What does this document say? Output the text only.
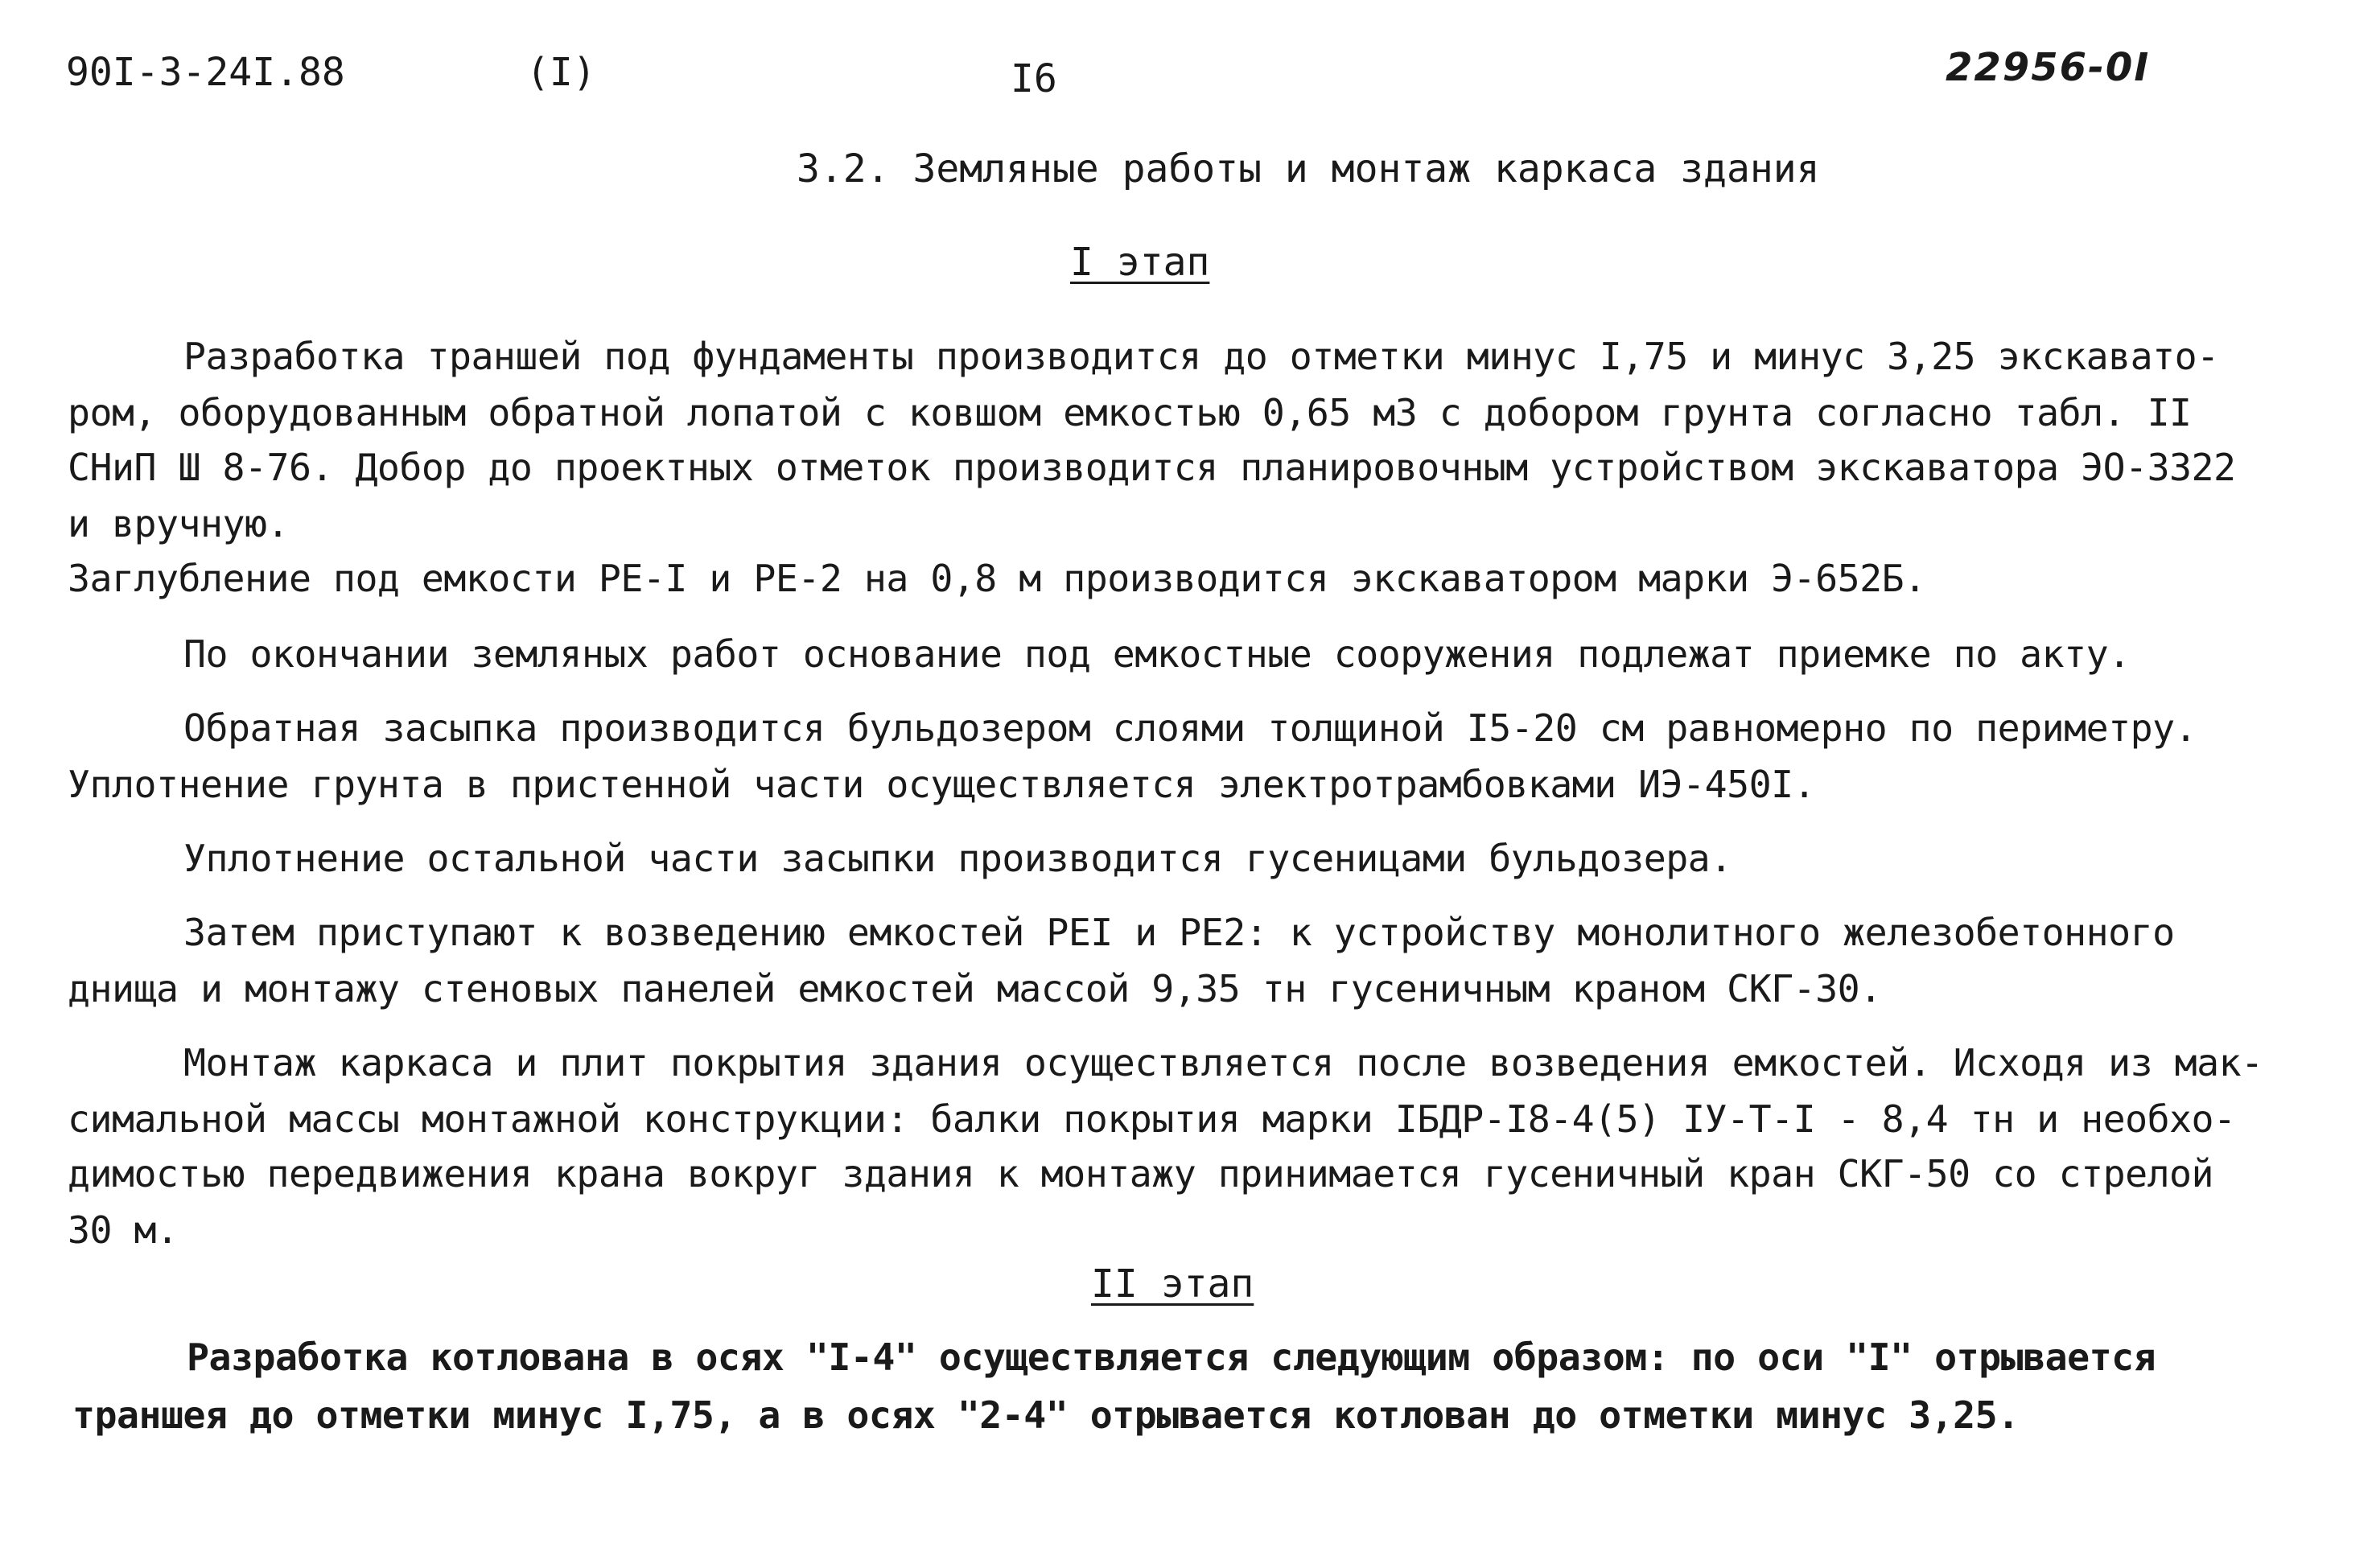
90I-3-24I.88	(I)	I6	22956-0I
3.2. Земляные работы и монтаж каркаса здания
I этап
Разработка траншей под фундаменты производится до отметки минус I,75 и минус 3,25 экскавато-
ром, оборудованным обратной лопатой с ковшом емкостью 0,65 м3 с добором грунта согласно табл. II
СНиП Ш 8-76. Добор до проектных отметок производится планировочным устройством экскаватора ЭО-3322
и вручную.
Заглубление под емкости РЕ-I и РЕ-2 на 0,8 м производится экскаватором марки Э-652Б.
По окончании земляных работ основание под емкостные сооружения подлежат приемке по акту.
Обратная засыпка производится бульдозером слоями толщиной I5-20 см равномерно по периметру.
Уплотнение грунта в пристенной части осуществляется электротрамбовками ИЭ-450I.
Уплотнение остальной части засыпки производится гусеницами бульдозера.
Затем приступают к возведению емкостей РЕI и РЕ2: к устройству монолитного железобетонного
днища и монтажу стеновых панелей емкостей массой 9,35 тн гусеничным краном СКГ-30.
Монтаж каркаса и плит покрытия здания осуществляется после возведения емкостей. Исходя из мак-
симальной массы монтажной конструкции: балки покрытия марки IБДР-I8-4(5) IУ-Т-I - 8,4 тн и необхо-
димостью передвижения крана вокруг здания к монтажу принимается гусеничный кран СКГ-50 со стрелой
30 м.
II этап
Разработка котлована в осях "I-4" осуществляется следующим образом: по оси "I" отрывается
траншея до отметки минус I,75, а в осях "2-4" отрывается котлован до отметки минус 3,25.
